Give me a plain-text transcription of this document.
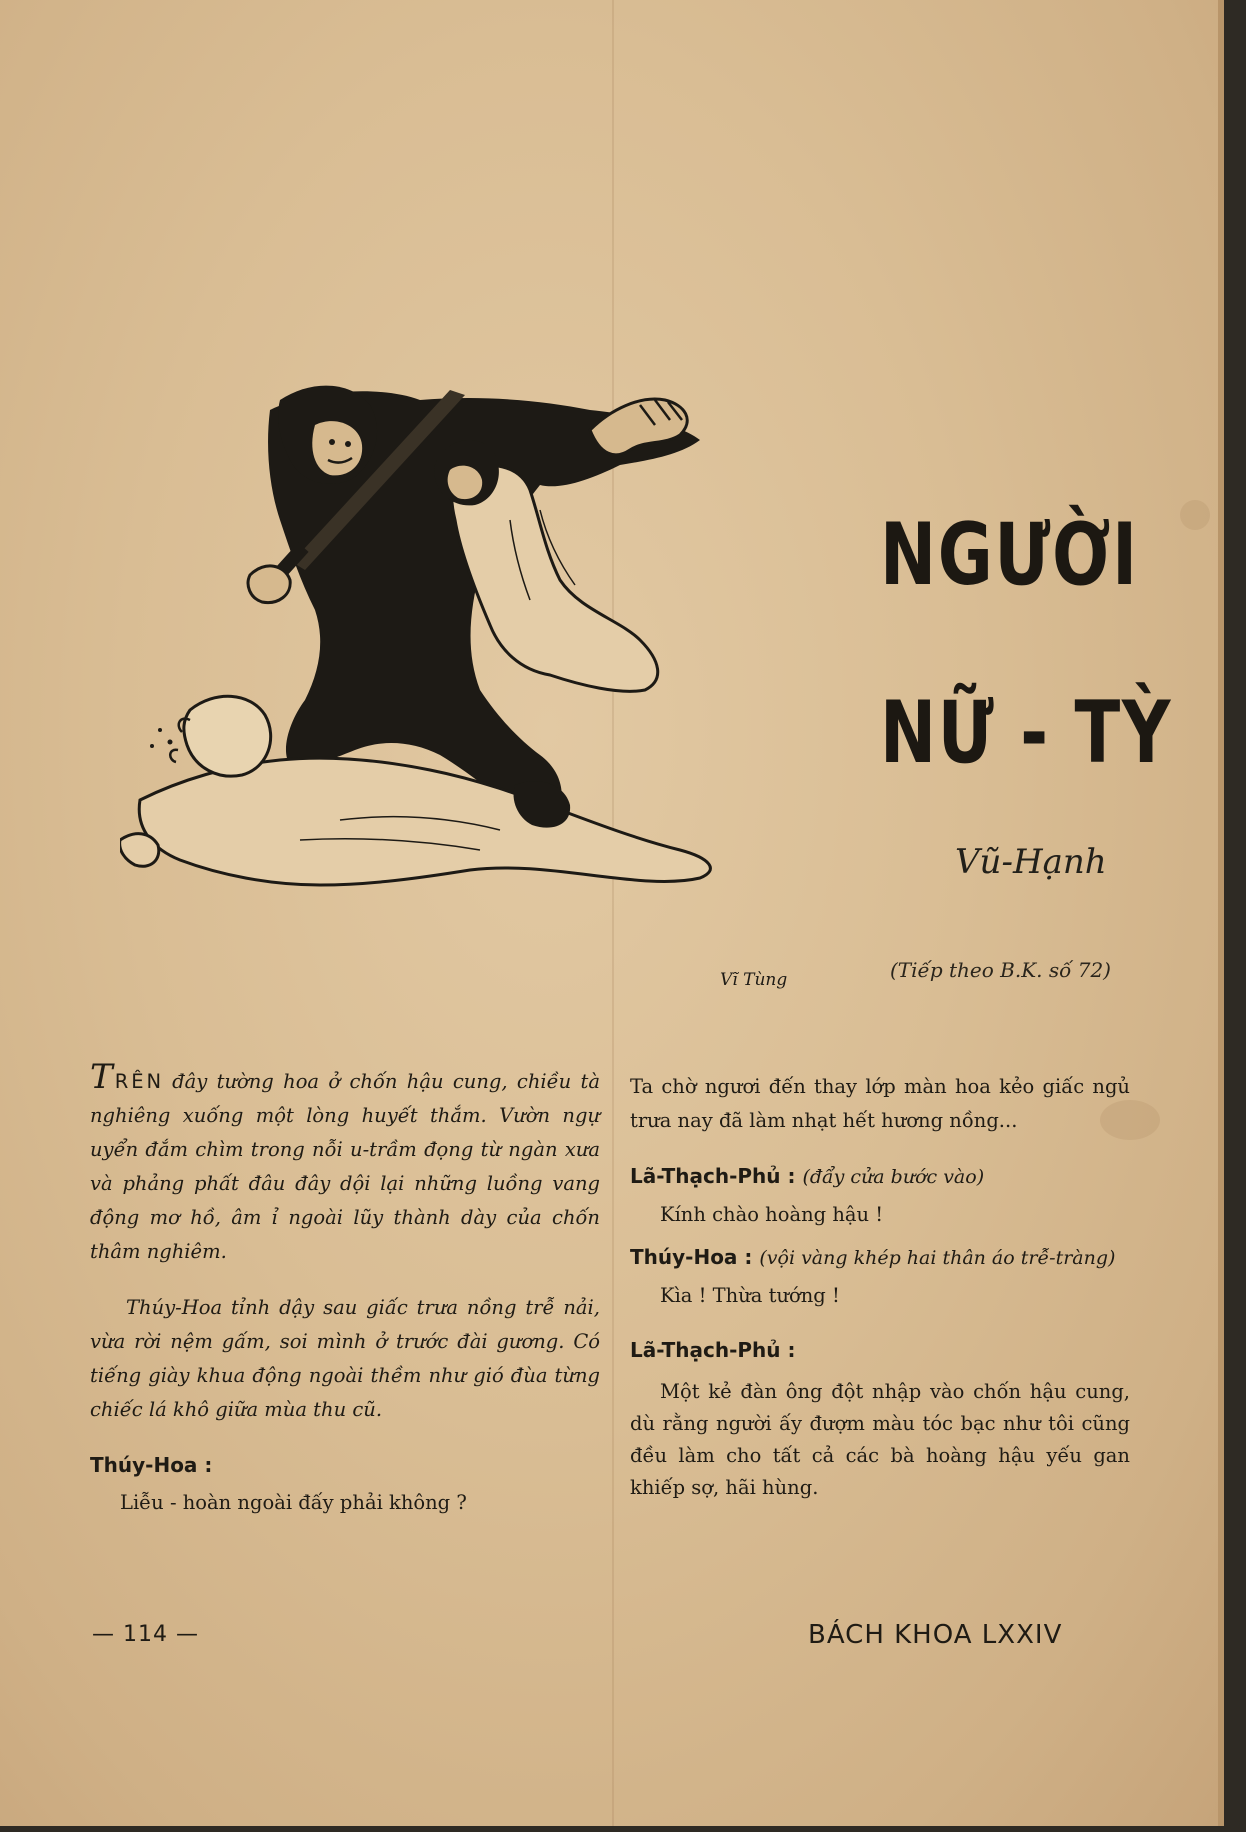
Vĩ Tùng
NGƯỜI
NỮ - TỲ
Vũ-Hạnh
(Tiếp theo B.K. số 72)

TRÊN đây tường hoa ở chốn hậu cung, chiều tà nghiêng xuống một lòng huyết thắm. Vườn ngự uyển đắm chìm trong nỗi u-trầm đọng từ ngàn xưa và phảng phất đâu đây dội lại những luồng vang động mơ hồ, âm ỉ ngoài lũy thành dày của chốn thâm nghiêm.

Thúy-Hoa tỉnh dậy sau giấc trưa nồng trễ nải, vừa rời nệm gấm, soi mình ở trước đài gương. Có tiếng giày khua động ngoài thềm như gió đùa từng chiếc lá khô giữa mùa thu cũ.

Thúy-Hoa :
Liễu - hoàn ngoài đấy phải không ?

Ta chờ ngươi đến thay lớp màn hoa kẻo giấc ngủ trưa nay đã làm nhạt hết hương nồng...

Lã-Thạch-Phủ : (đẩy cửa bước vào)
Kính chào hoàng hậu !
Thúy-Hoa : (vội vàng khép hai thân áo trễ-tràng)
Kìa ! Thừa tướng !
Lã-Thạch-Phủ :

Một kẻ đàn ông đột nhập vào chốn hậu cung, dù rằng người ấy đượm màu tóc bạc như tôi cũng đều làm cho tất cả các bà hoàng hậu yếu gan khiếp sợ, hãi hùng.

— 114 —	BÁCH KHOA LXXIV
